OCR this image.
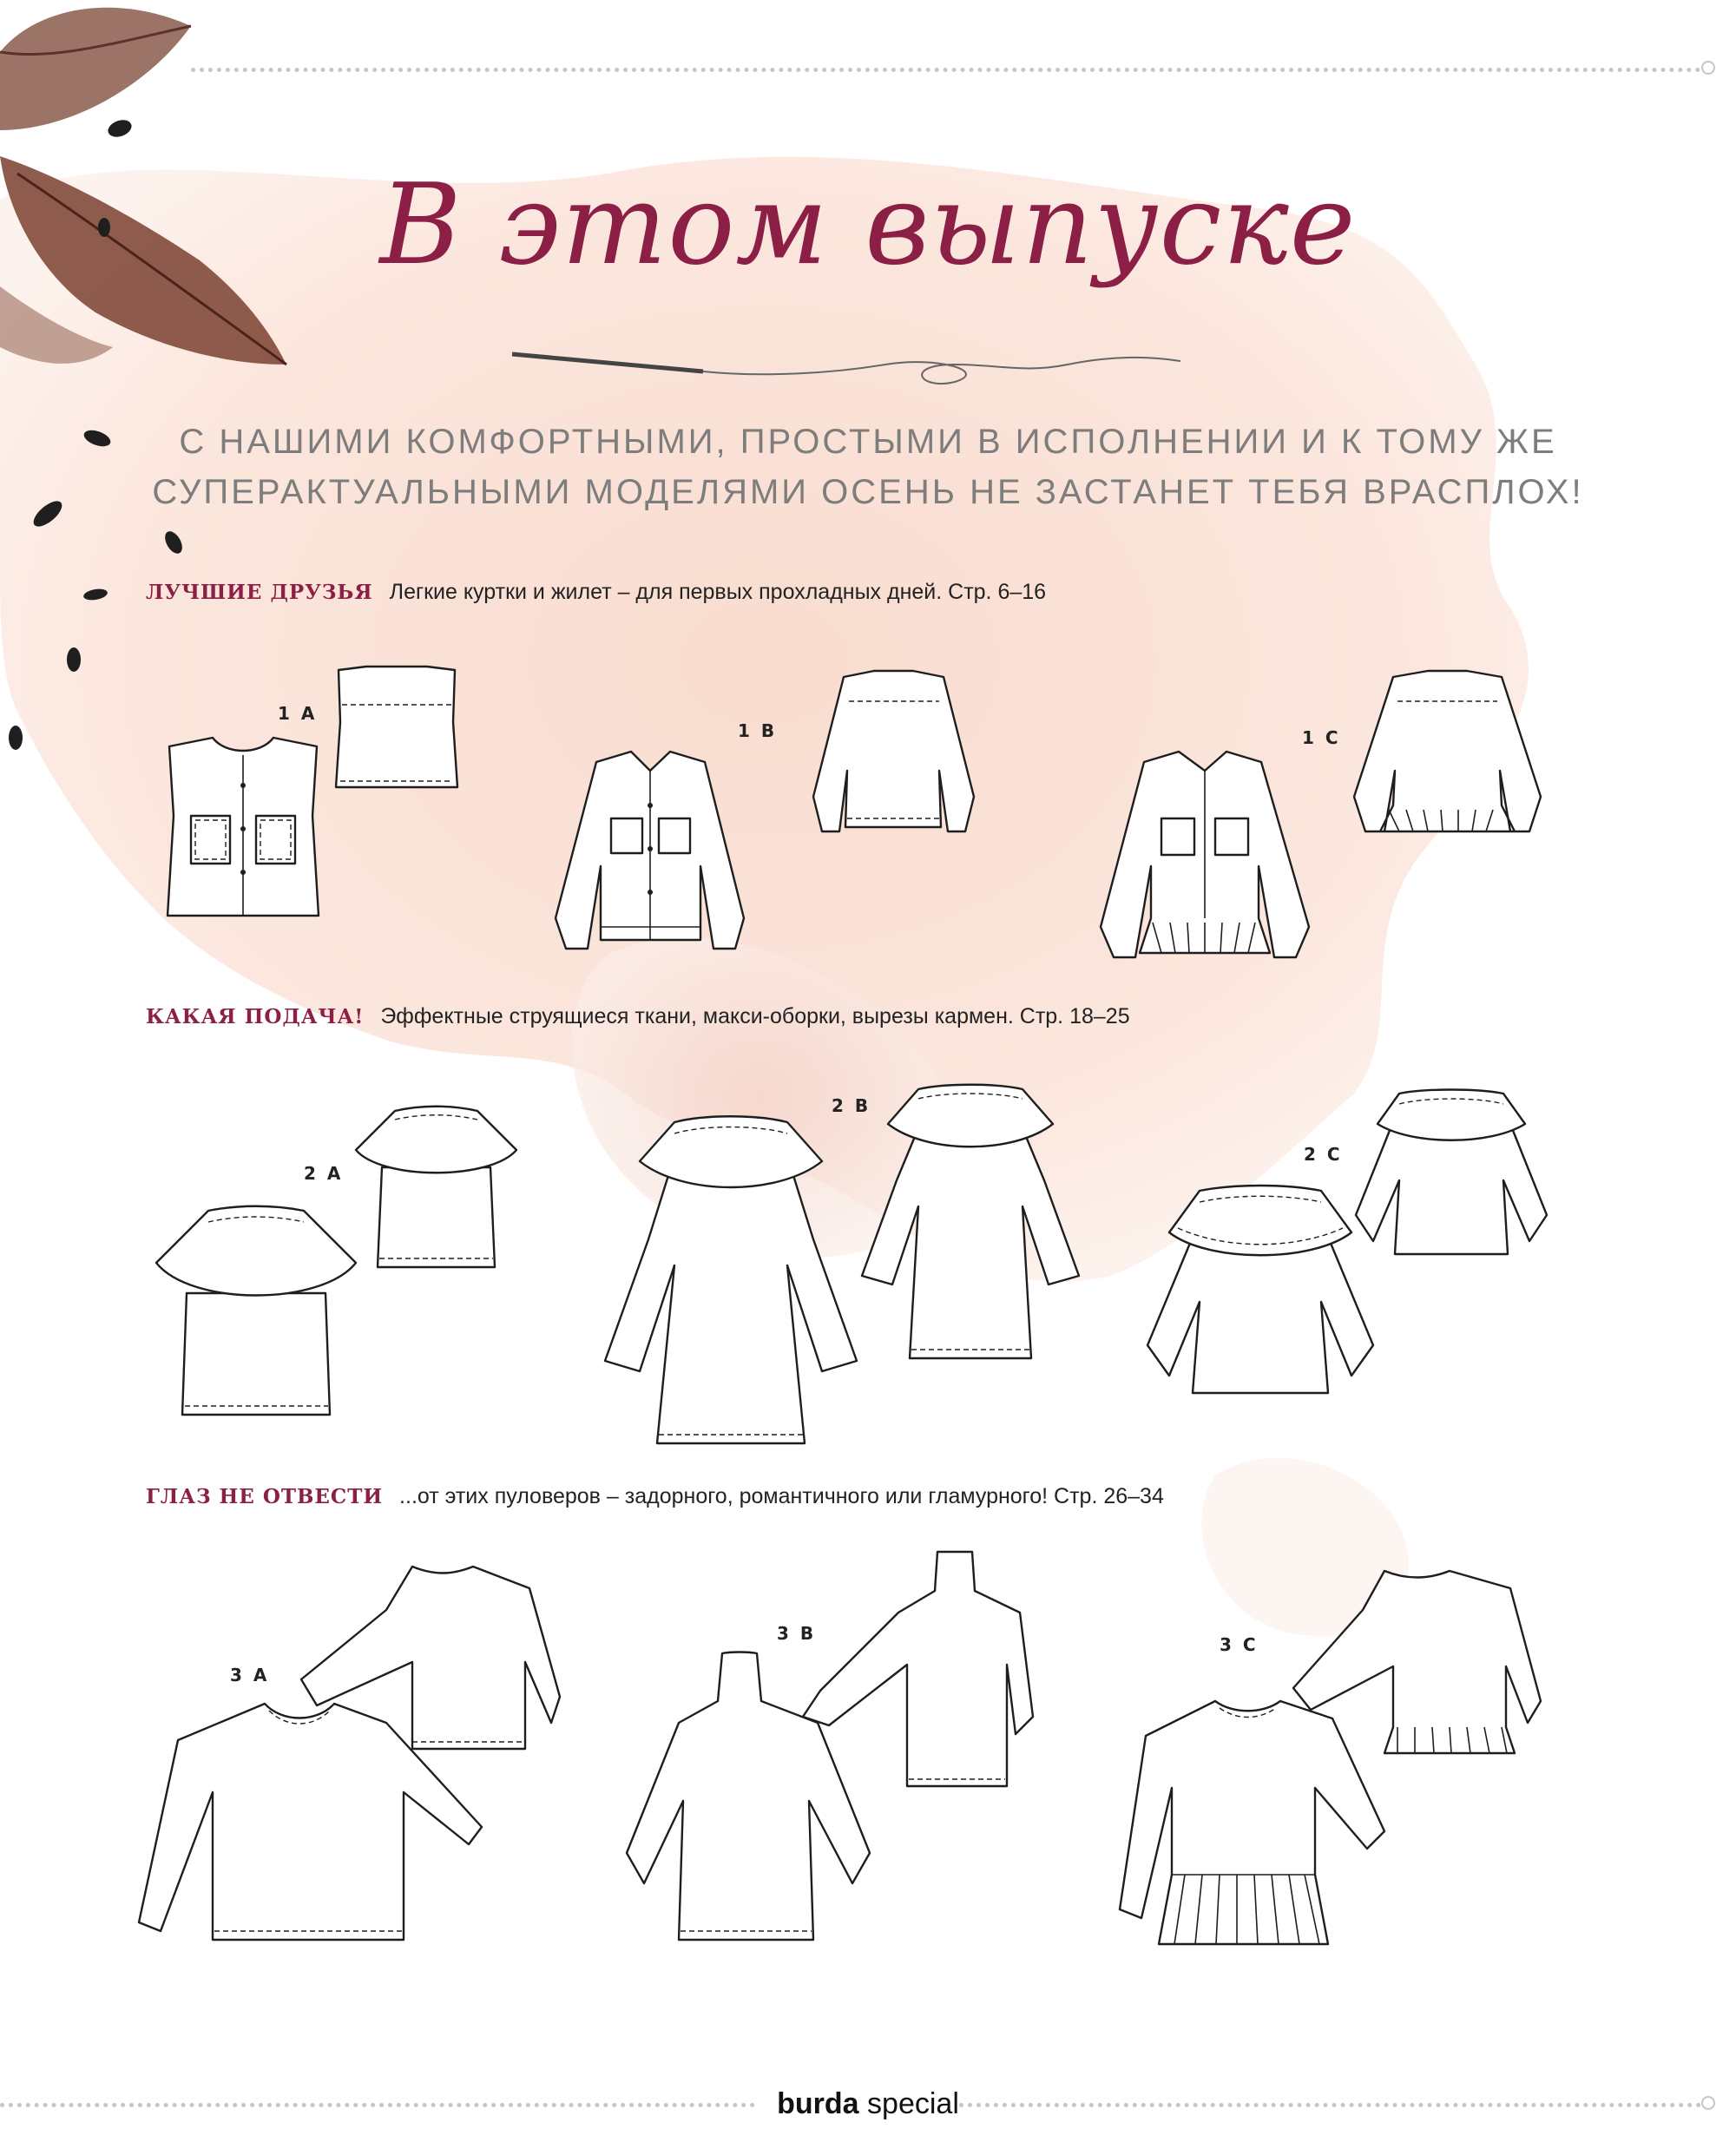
В этом выпуске
С НАШИМИ КОМФОРТНЫМИ, ПРОСТЫМИ В ИСПОЛНЕНИИ И К ТОМУ ЖЕ
СУПЕРАКТУАЛЬНЫМИ МОДЕЛЯМИ ОСЕНЬ НЕ ЗАСТАНЕТ ТЕБЯ ВРАСПЛОХ!
ЛУЧШИЕ ДРУЗЬЯ Легкие куртки и жилет – для первых прохладных дней. Стр. 6–16
1 A
1 B	1 C
КАКАЯ ПОДАЧА! Эффектные струящиеся ткани, макси-оборки, вырезы кармен. Стр. 18–25
2 A
2 B
2 C
ГЛАЗ НЕ ОТВЕСТИ ...от этих пуловеров – задорного, романтичного или гламурного! Стр. 26–34
3 A
3 B
3 C
burda special
